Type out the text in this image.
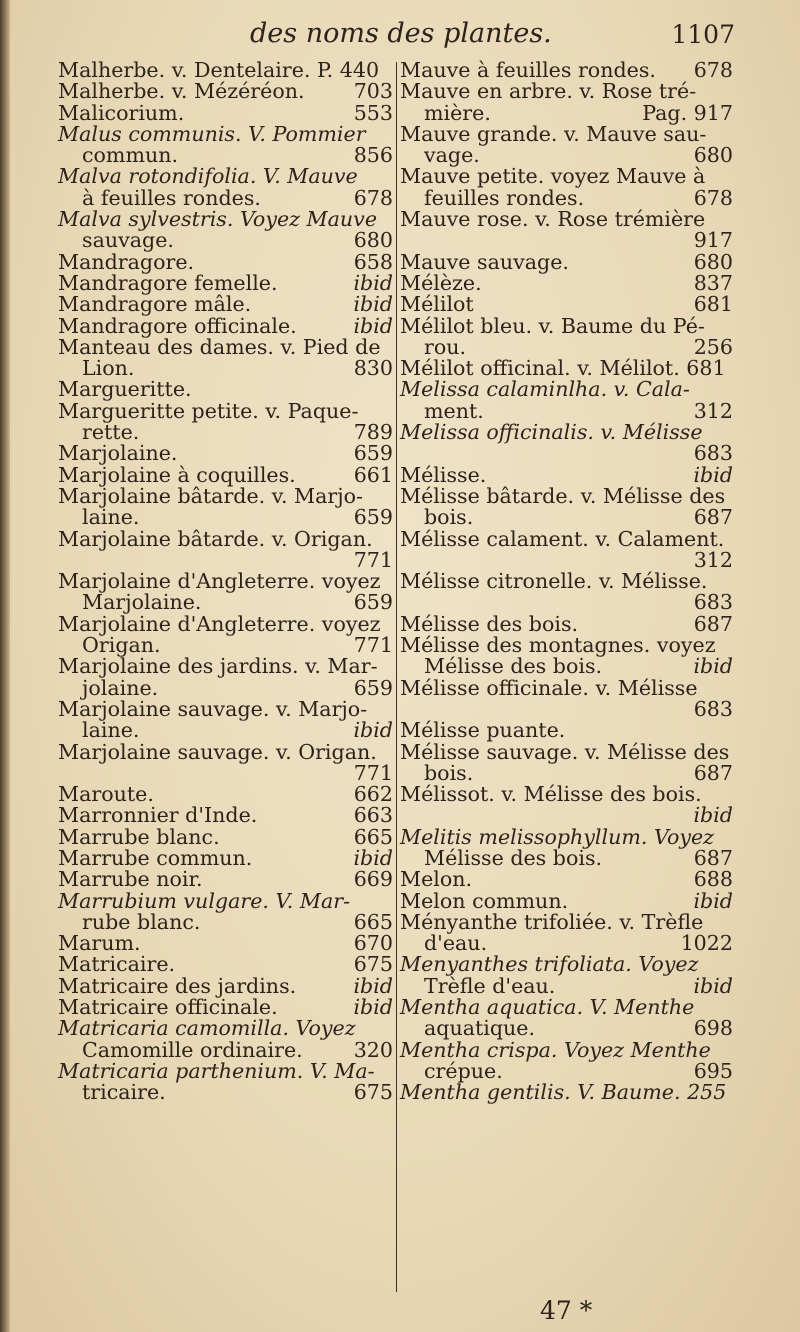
des noms des plantes.	1107
Malherbe. v. Dentelaire. P. 440
Malherbe. v. Mézéréon. 703
Malicorium.	553
Malus communis. V. Pommier
commun.	856
Malva rotondifolia. V. Mauve
à feuilles rondes.	678
Malva sylvestris. Voyez Mauve
sauvage.	680
Mandragore.	658
Mandragore femelle.	ibid
Mandragore mâle.	ibid
Mandragore officinale.	ibid
Manteau des dames. v. Pied de
Lion.	830
Margueritte.
Margueritte petite. v. Paque-
rette.	789
Marjolaine.	659
Marjolaine à coquilles.	661
Marjolaine bâtarde. v. Marjo-
laine.	659
Marjolaine bâtarde. v. Origan.
771
Marjolaine d'Angleterre. voyez
Marjolaine.	659
Marjolaine d'Angleterre. voyez
Origan.	771
Marjolaine des jardins. v. Mar-
jolaine.	659
Marjolaine sauvage. v. Marjo-
laine.	ibid
Marjolaine sauvage. v. Origan.
771
Maroute.	662
Marronnier d'Inde.	663
Marrube blanc.	665
Marrube commun.	ibid
Marrube noir.	669
Marrubium vulgare. V. Mar-
rube blanc.	665
Marum.	670
Matricaire.	675
Matricaire des jardins.	ibid
Matricaire officinale.	ibid
Matricaria camomilla. Voyez
Camomille ordinaire. 320
Matricaria parthenium. V. Ma-
tricaire.	675
Mauve à feuilles rondes. 678
Mauve en arbre. v. Rose tré-
mière.	Pag. 917
Mauve grande. v. Mauve sau-
vage.	680
Mauve petite. voyez Mauve à
feuilles rondes.	678
Mauve rose. v. Rose trémière
917
Mauve sauvage.	680
Mélèze.	837
Mélilot	681
Mélilot bleu. v. Baume du Pé-
rou.	256
Mélilot officinal. v. Mélilot. 681
Melissa calaminlha. v. Cala-
ment.	312
Melissa officinalis. v. Mélisse
683
Mélisse.	ibid
Mélisse bâtarde. v. Mélisse des
bois.	687
Mélisse calament. v. Calament.
312
Mélisse citronelle. v. Mélisse.
683
Mélisse des bois.	687
Mélisse des montagnes. voyez
Mélisse des bois.	ibid
Mélisse officinale. v. Mélisse
683
Mélisse puante.
Mélisse sauvage. v. Mélisse des
bois.	687
Mélissot. v. Mélisse des bois.
ibid
Melitis melissophyllum. Voyez
Mélisse des bois.	687
Melon.	688
Melon commun.	ibid
Ményanthe trifoliée. v. Trèfle
d'eau.	1022
Menyanthes trifoliata. Voyez
Trèfle d'eau.	ibid
Mentha aquatica. V. Menthe
aquatique.	698
Mentha crispa. Voyez Menthe
crépue.	695
Mentha gentilis. V. Baume. 255
47 *
